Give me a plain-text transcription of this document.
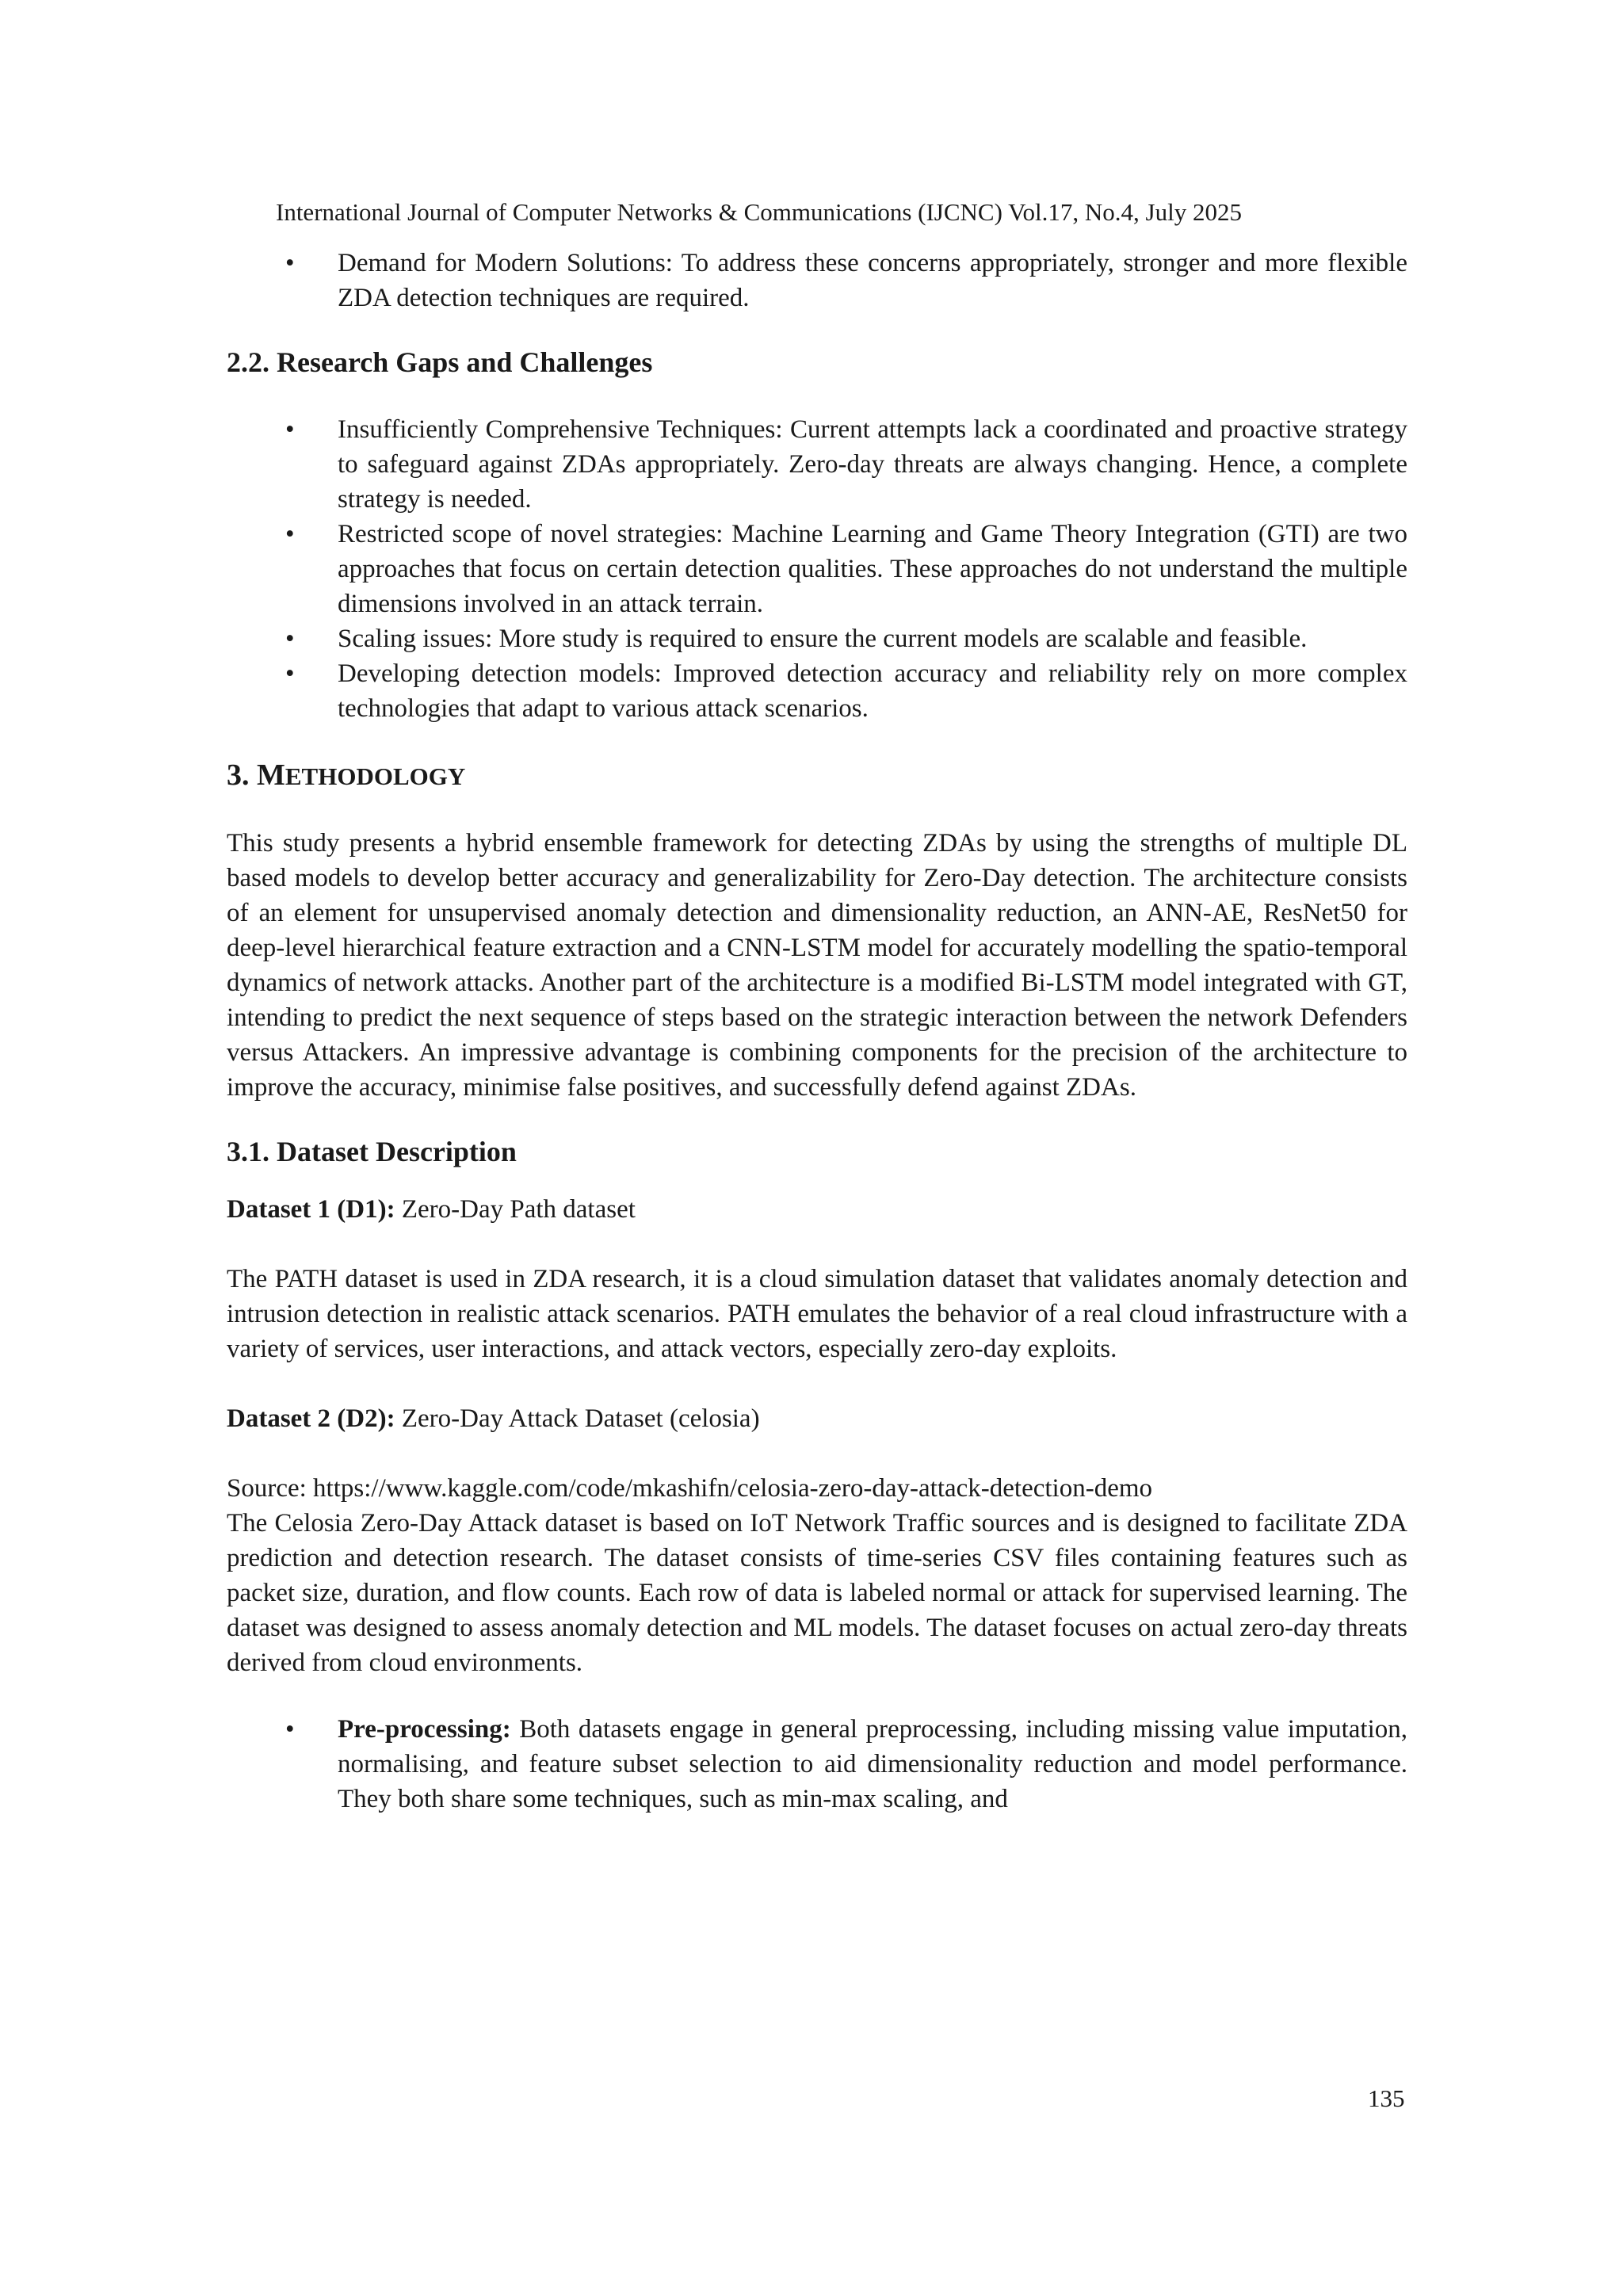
International Journal of Computer Networks & Communications (IJCNC) Vol.17, No.4, July 2025
• Demand for Modern Solutions: To address these concerns appropriately, stronger and more flexible ZDA detection techniques are required.
2.2. Research Gaps and Challenges
• Insufficiently Comprehensive Techniques: Current attempts lack a coordinated and proactive strategy to safeguard against ZDAs appropriately. Zero-day threats are always changing. Hence, a complete strategy is needed.
• Restricted scope of novel strategies: Machine Learning and Game Theory Integration (GTI) are two approaches that focus on certain detection qualities. These approaches do not understand the multiple dimensions involved in an attack terrain.
• Scaling issues: More study is required to ensure the current models are scalable and feasible.
• Developing detection models: Improved detection accuracy and reliability rely on more complex technologies that adapt to various attack scenarios.
3. METHODOLOGY

This study presents a hybrid ensemble framework for detecting ZDAs by using the strengths of multiple DL based models to develop better accuracy and generalizability for Zero-Day detection. The architecture consists of an element for unsupervised anomaly detection and dimensionality reduction, an ANN-AE, ResNet50 for deep-level hierarchical feature extraction and a CNN-LSTM model for accurately modelling the spatio-temporal dynamics of network attacks. Another part of the architecture is a modified Bi-LSTM model integrated with GT, intending to predict the next sequence of steps based on the strategic interaction between the network Defenders versus Attackers. An impressive advantage is combining components for the precision of the architecture to improve the accuracy, minimise false positives, and successfully defend against ZDAs.

3.1. Dataset Description

Dataset 1 (D1): Zero-Day Path dataset

The PATH dataset is used in ZDA research, it is a cloud simulation dataset that validates anomaly detection and intrusion detection in realistic attack scenarios. PATH emulates the behavior of a real cloud infrastructure with a variety of services, user interactions, and attack vectors, especially zero-day exploits.

Dataset 2 (D2): Zero-Day Attack Dataset (celosia)

Source: https://www.kaggle.com/code/mkashifn/celosia-zero-day-attack-detection-demo

The Celosia Zero-Day Attack dataset is based on IoT Network Traffic sources and is designed to facilitate ZDA prediction and detection research. The dataset consists of time-series CSV files containing features such as packet size, duration, and flow counts. Each row of data is labeled normal or attack for supervised learning. The dataset was designed to assess anomaly detection and ML models. The dataset focuses on actual zero-day threats derived from cloud environments.

• Pre-processing: Both datasets engage in general preprocessing, including missing value imputation, normalising, and feature subset selection to aid dimensionality reduction and model performance. They both share some techniques, such as min-max scaling, and
135
